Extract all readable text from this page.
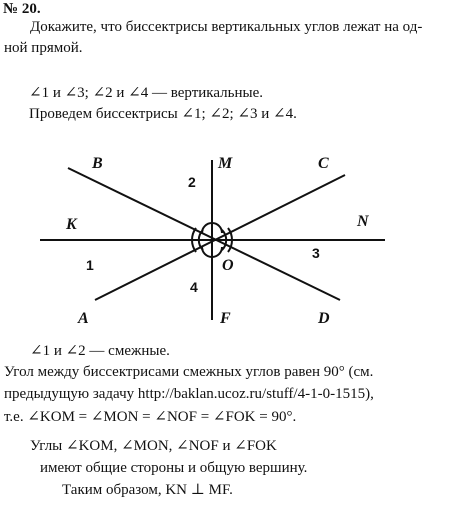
№ 20.
Докажите, что биссектрисы вертикальных углов лежат на од-
ной прямой.
∠1 и ∠3; ∠2 и ∠4 — вертикальные.
Проведем биссектрисы ∠1; ∠2; ∠3 и ∠4.
B	M	C
K	N
O
A	F	D
1
2
3
4
∠1 и ∠2 — смежные.
Угол между биссектрисами смежных углов равен 90° (см.
предыдущую задачу http://baklan.ucoz.ru/stuff/4-1-0-1515),
т.е. ∠KOM = ∠MON = ∠NOF = ∠FOK = 90°.
Углы ∠KOM, ∠MON, ∠NOF и ∠FOK
имеют общие стороны и общую вершину.
Таким образом, KN ⊥ MF.
